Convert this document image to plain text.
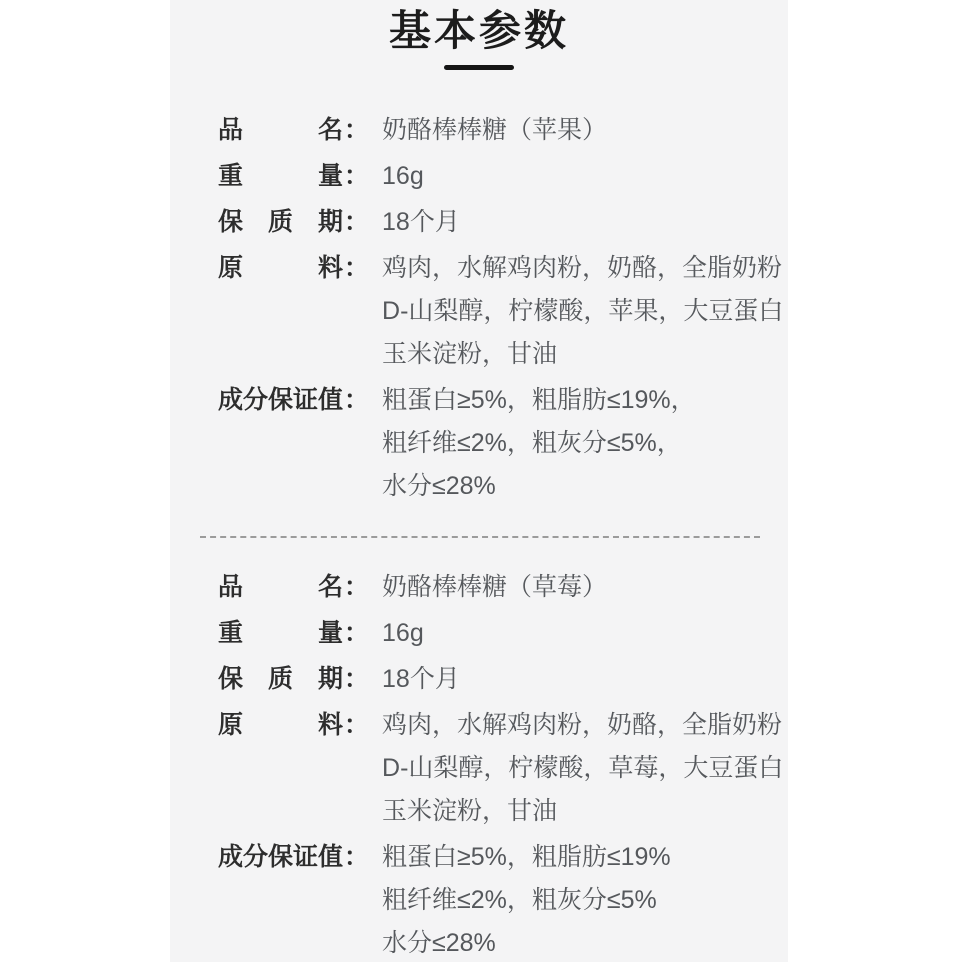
基本参数
品名 ： 奶酪棒棒糖（苹果）
重量 ： 16g
保质期 ： 18个月
原料 ： 鸡肉，水解鸡肉粉，奶酪，全脂奶粉
D-山梨醇，柠檬酸，苹果，大豆蛋白
玉米淀粉，甘油
成分保证值 ： 粗蛋白≥5%，粗脂肪≤19%，
粗纤维≤2%，粗灰分≤5%，
水分≤28%
品名 ： 奶酪棒棒糖（草莓）
重量 ： 16g
保质期 ： 18个月
原料 ： 鸡肉，水解鸡肉粉，奶酪，全脂奶粉
D-山梨醇，柠檬酸，草莓，大豆蛋白
玉米淀粉，甘油
成分保证值 ： 粗蛋白≥5%，粗脂肪≤19%
粗纤维≤2%，粗灰分≤5%
水分≤28%
